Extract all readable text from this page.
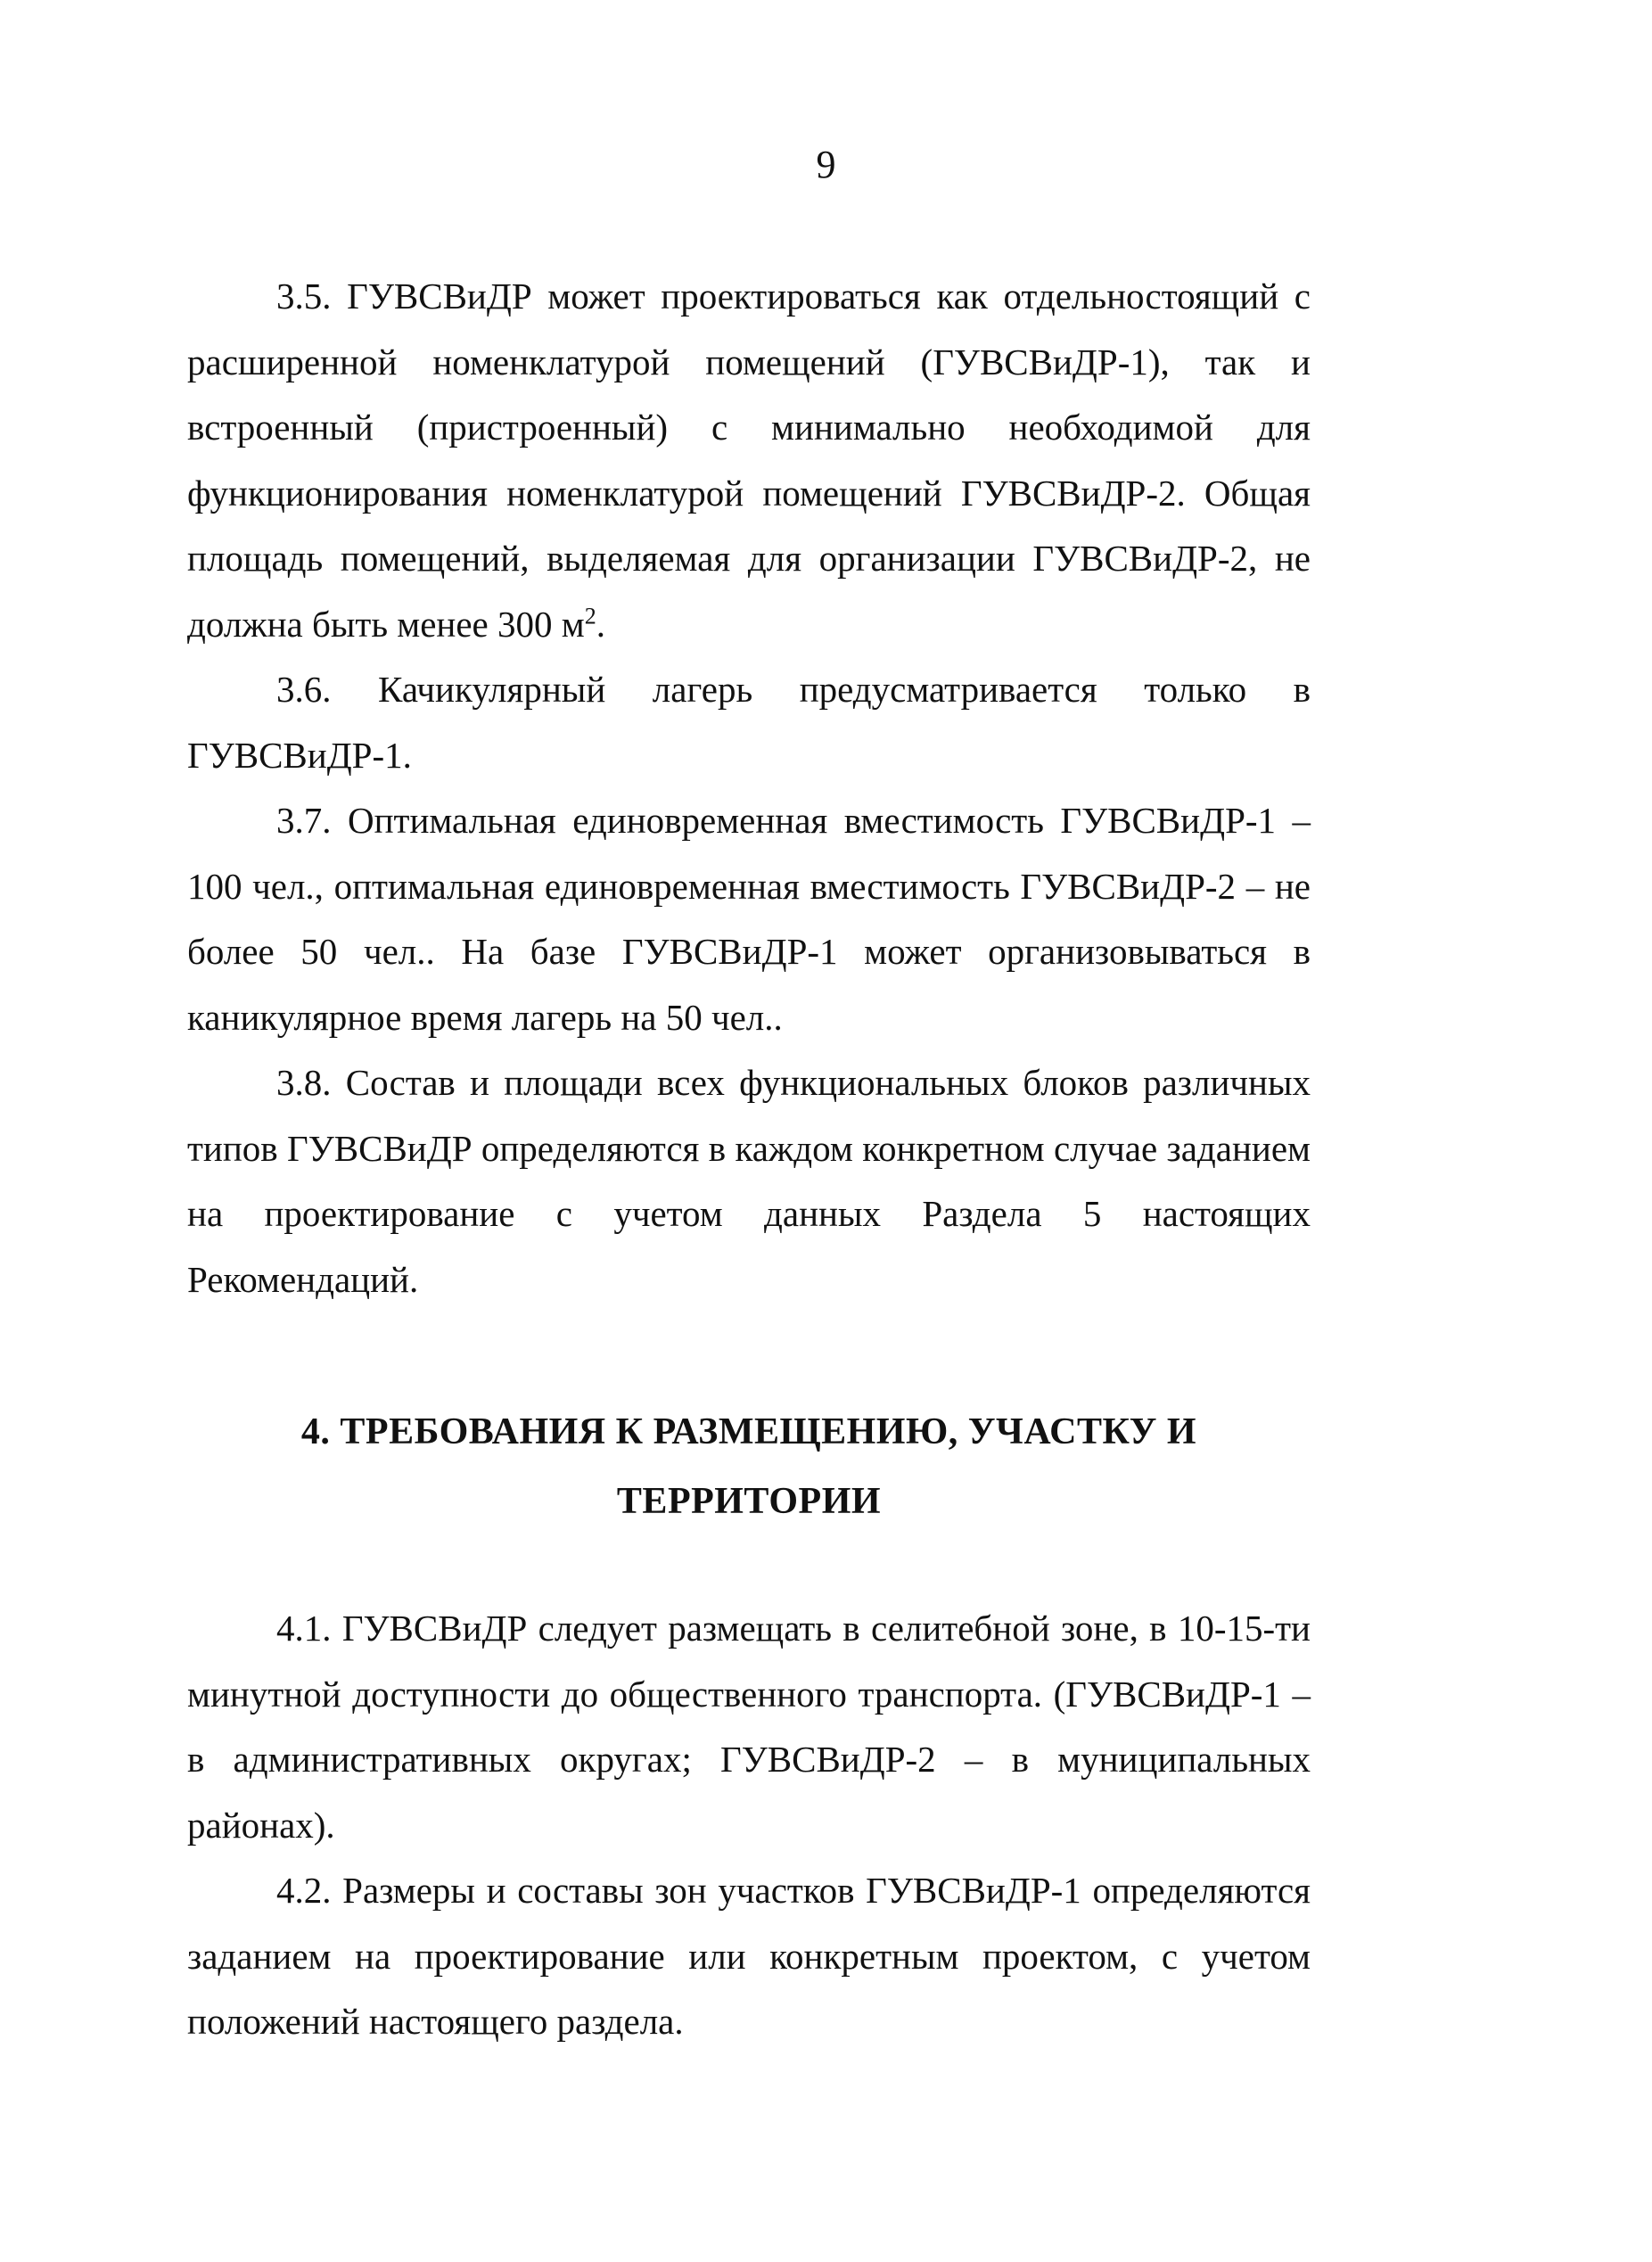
9

3.5. ГУВСВиДР может проектироваться как отдельностоящий с расширенной номенклатурой помещений (ГУВСВиДР-1), так и встроенный (пристроенный) с минимально необходимой для функционирования номенклатурой помещений ГУВСВиДР-2. Общая площадь помещений, выделяемая для организации ГУВСВиДР-2, не должна быть менее 300 $м^2$.

3.6. Качикулярный лагерь предусматривается только в ГУВСВиДР-1.

3.7. Оптимальная единовременная вместимость ГУВСВиДР-1 – 100 чел., оптимальная единовременная вместимость ГУВСВиДР-2 – не более 50 чел.. На базе ГУВСВиДР-1 может организовываться в каникулярное время лагерь на 50 чел..

3.8. Состав и площади всех функциональных блоков различных типов ГУВСВиДР определяются в каждом конкретном случае заданием на проектирование с учетом данных Раздела 5 настоящих Рекомендаций.

4. ТРЕБОВАНИЯ К РАЗМЕЩЕНИЮ, УЧАСТКУ И
ТЕРРИТОРИИ

4.1. ГУВСВиДР следует размещать в селитебной зоне, в 10-15-ти минутной доступности до общественного транспорта. (ГУВСВиДР-1 – в административных округах; ГУВСВиДР-2 – в муниципальных районах).

4.2. Размеры и составы зон участков ГУВСВиДР-1 определяются заданием на проектирование или конкретным проектом, с учетом положений настоящего раздела.
